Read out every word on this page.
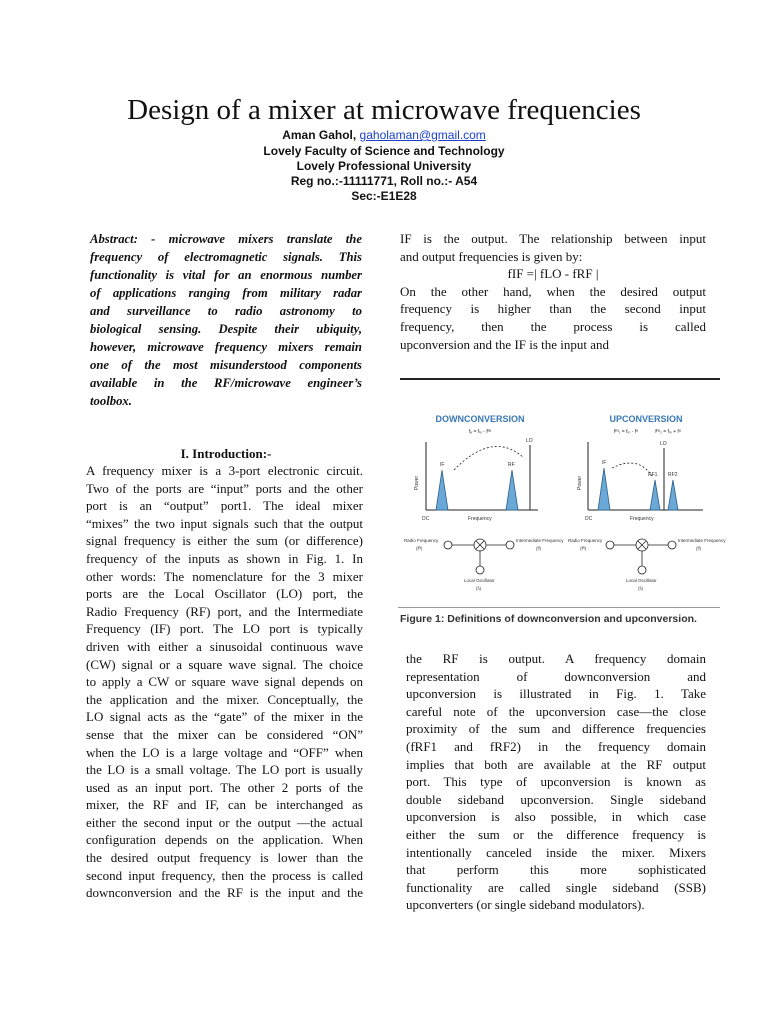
Design of a mixer at microwave frequencies
Aman Gahol, gaholaman@gmail.com
Lovely Faculty of Science and Technology
Lovely Professional University
Reg no.:-11111771, Roll no.:- A54
Sec:-E1E28
Abstract: - microwave mixers translate the
frequency of electromagnetic signals. This
functionality is vital for an enormous number
of applications ranging from military radar
and surveillance to radio astronomy to
biological sensing. Despite their ubiquity,
however, microwave frequency mixers remain
one of the most misunderstood components
available in the RF/microwave engineer’s
toolbox.
I. Introduction:-
A frequency mixer is a 3-port electronic circuit.
Two of the ports are “input” ports and the other
port is an “output” port1. The ideal mixer
“mixes” the two input signals such that the output
signal frequency is either the sum (or difference)
frequency of the inputs as shown in Fig. 1. In
other words: The nomenclature for the 3 mixer
ports are the Local Oscillator (LO) port, the
Radio Frequency (RF) port, and the Intermediate
Frequency (IF) port. The LO port is typically
driven with either a sinusoidal continuous wave
(CW) signal or a square wave signal. The choice
to apply a CW or square wave signal depends on
the application and the mixer. Conceptually, the
LO signal acts as the “gate” of the mixer in the
sense that the mixer can be considered “ON”
when the LO is a large voltage and “OFF” when
the LO is a small voltage. The LO port is usually
used as an input port. The other 2 ports of the
mixer, the RF and IF, can be interchanged as
either the second input or the output —the actual
configuration depends on the application. When
the desired output frequency is lower than the
second input frequency, then the process is called
downconversion and the RF is the input and the
IF is the output. The relationship between input
and output frequencies is given by:
fIF =| fLO - fRF |
On the other hand, when the desired output
frequency is higher than the second input
frequency, then the process is called
upconversion and the IF is the input and
DOWNCONVERSION
fₑ = fₗₒ - fᴿᶠ
UPCONVERSION
fᴿᶠ₁ = fₗₒ - fᴵᶠ	fᴿᶠ₂ = fₗₒ + fᴵᶠ
Power
DC	Frequency
IF	RF
LO
Power
DC	Frequency
IF
RF1 RF2
LO
Radio Frequency
(fᴿ)
Intermediate Frequency
(fᴵ)
Local Oscillator
(fₗ)
Radio Frequency
(fᴿ)
Intermediate Frequency
(fᴵ)
Local Oscillator
(fₗ)
Figure 1: Definitions of downconversion and upconversion.
the RF is output. A frequency domain
representation of downconversion and
upconversion is illustrated in Fig. 1. Take
careful note of the upconversion case—the close
proximity of the sum and difference frequencies
(fRF1 and fRF2) in the frequency domain
implies that both are available at the RF output
port. This type of upconversion is known as
double sideband upconversion. Single sideband
upconversion is also possible, in which case
either the sum or the difference frequency is
intentionally canceled inside the mixer. Mixers
that perform this more sophisticated
functionality are called single sideband (SSB)
upconverters (or single sideband modulators).
